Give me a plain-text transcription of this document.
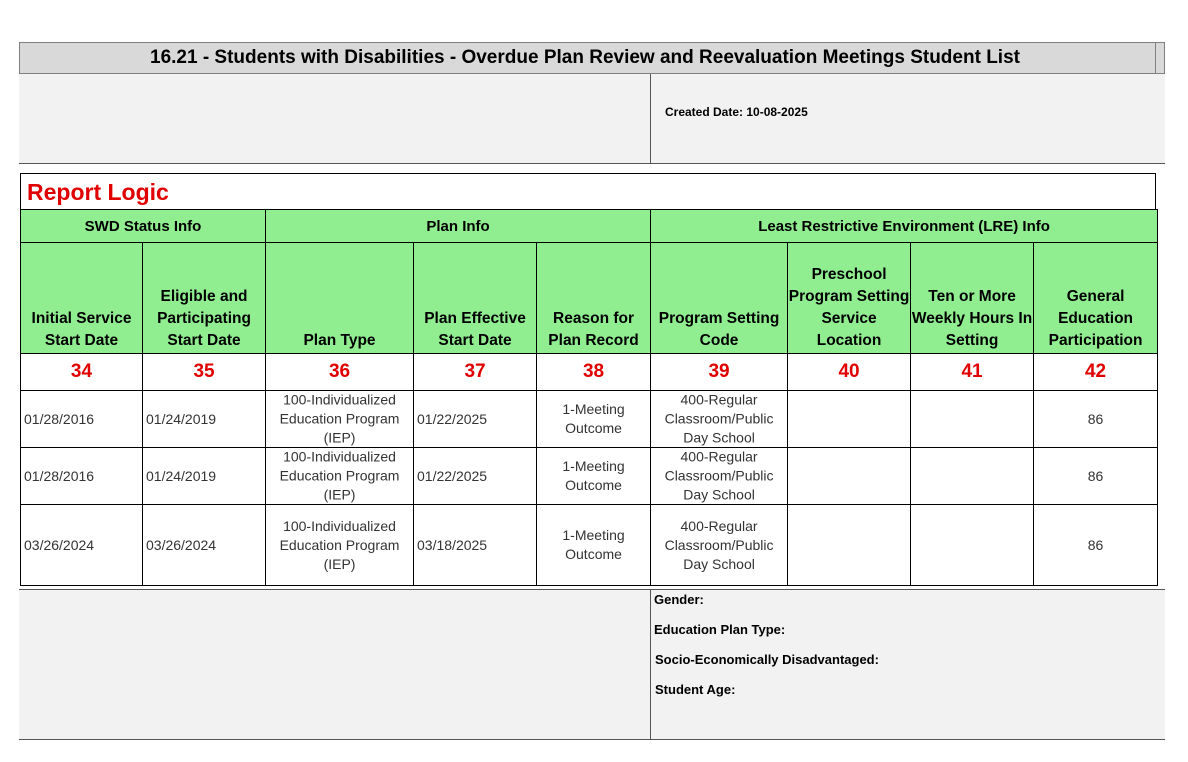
16.21 - Students with Disabilities - Overdue Plan Review and Reevaluation Meetings Student List
Created Date: 10-08-2025
Report Logic
SWD Status Info		Plan Info			Least Restrictive Environment (LRE) Info			
Initial Service Start Date	Eligible and Participating Start Date	Plan Type	Plan Effective Start Date	Reason for Plan Record	Program Setting Code	Preschool Program Setting Service Location	Ten or More Weekly Hours In Setting	General Education Participation
34	35	36	37	38	39	40	41	42
01/28/2016	01/24/2019	100-Individualized Education Program (IEP)	01/22/2025	1-Meeting Outcome	400-Regular Classroom/Public Day School			86
01/28/2016	01/24/2019	100-Individualized Education Program (IEP)	01/22/2025	1-Meeting Outcome	400-Regular Classroom/Public Day School			86
03/26/2024	03/26/2024	100-Individualized Education Program (IEP)	03/18/2025	1-Meeting Outcome	400-Regular Classroom/Public Day School			86
Gender:
Education Plan Type:
Socio-Economically Disadvantaged:
Student Age:
